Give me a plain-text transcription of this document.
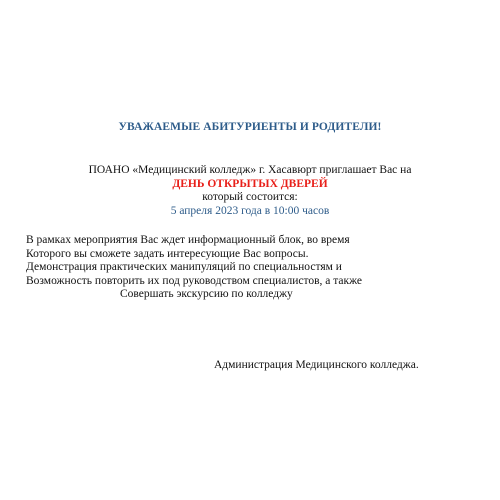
УВАЖАЕМЫЕ АБИТУРИЕНТЫ И РОДИТЕЛИ!
ПОАНО «Медицинский колледж» г. Хасавюрт приглашает Вас на
ДЕНЬ ОТКРЫТЫХ ДВЕРЕЙ
который состоится:
5 апреля 2023 года в 10:00 часов
В рамках мероприятия Вас ждет информационный блок, во время
Которого вы сможете задать интересующие Вас вопросы.
Демонстрация практических манипуляций по специальностям и
Возможность повторить их под руководством специалистов, а также
Совершать экскурсию по колледжу
Администрация Медицинского колледжа.
